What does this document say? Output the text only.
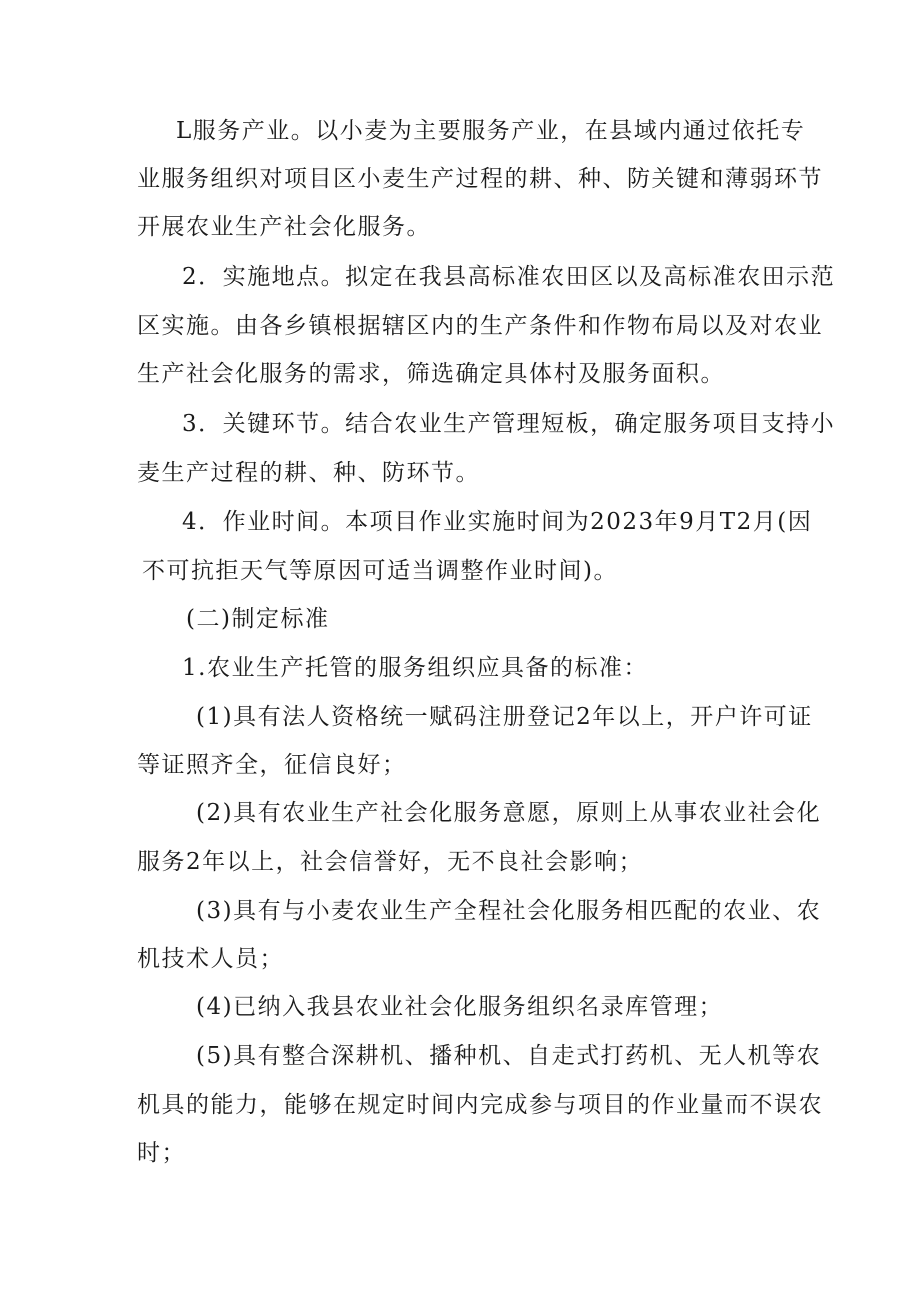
L服务产业。以小麦为主要服务产业，在县域内通过依托专
业服务组织对项目区小麦生产过程的耕、种、防关键和薄弱环节
开展农业生产社会化服务。
2．实施地点。拟定在我县高标准农田区以及高标准农田示范
区实施。由各乡镇根据辖区内的生产条件和作物布局以及对农业
生产社会化服务的需求，筛选确定具体村及服务面积。
3．关键环节。结合农业生产管理短板，确定服务项目支持小
麦生产过程的耕、种、防环节。
4．作业时间。本项目作业实施时间为2023年9月T2月(因
不可抗拒天气等原因可适当调整作业时间)。
(二)制定标准
1.农业生产托管的服务组织应具备的标准：
(1)具有法人资格统一赋码注册登记2年以上，开户许可证
等证照齐全，征信良好；
(2)具有农业生产社会化服务意愿，原则上从事农业社会化
服务2年以上，社会信誉好，无不良社会影响；
(3)具有与小麦农业生产全程社会化服务相匹配的农业、农
机技术人员；
(4)已纳入我县农业社会化服务组织名录库管理；
(5)具有整合深耕机、播种机、自走式打药机、无人机等农
机具的能力，能够在规定时间内完成参与项目的作业量而不误农
时；
